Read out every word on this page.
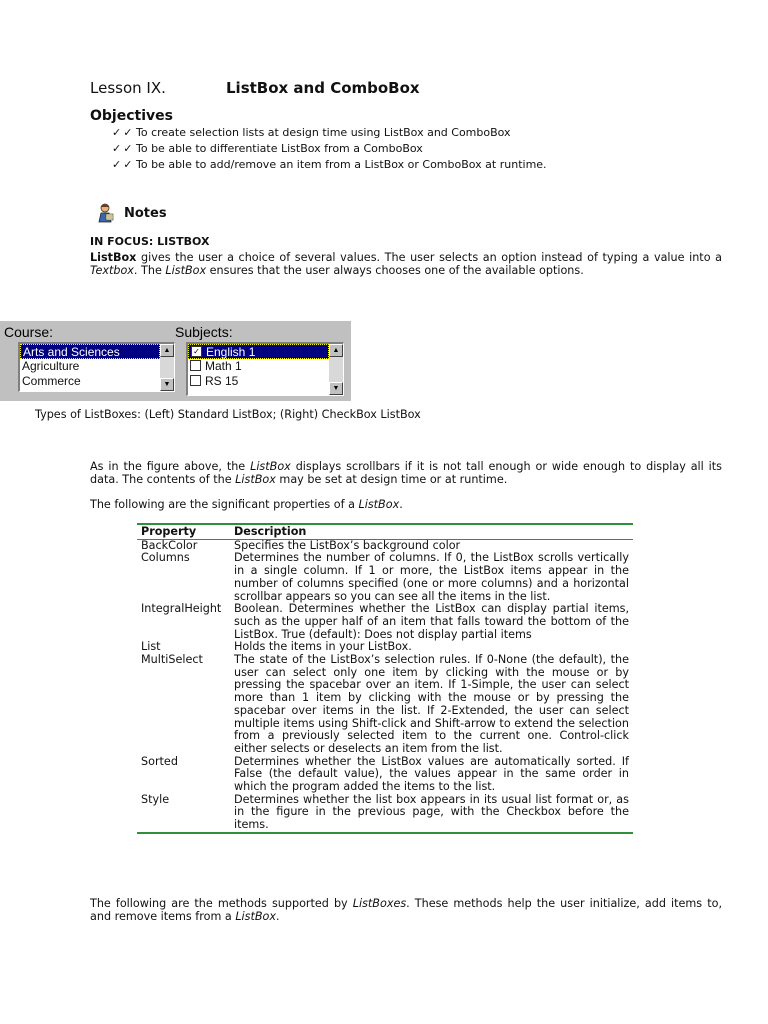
Lesson IX.	ListBox and ComboBox
Objectives
✓✓ To create selection lists at design time using ListBox and ComboBox
✓✓ To be able to differentiate ListBox from a ComboBox
✓✓ To be able to add/remove an item from a ListBox or ComboBox at runtime.
Notes
IN FOCUS: LISTBOX
ListBox gives the user a choice of several values. The user selects an option instead of typing a value into a Textbox. The ListBox ensures that the user always chooses one of the available options.
Course:	Subjects:
Arts and Sciences
Agriculture
Commerce
▲
▼
✓ English 1
Math 1
RS 15
▲
▼
Types of ListBoxes: (Left) Standard ListBox; (Right) CheckBox ListBox
As in the figure above, the ListBox displays scrollbars if it is not tall enough or wide enough to display all its data. The contents of the ListBox may be set at design time or at runtime.
The following are the significant properties of a ListBox.
Property	Description
BackColor	Specifies the ListBox’s background color
Columns	Determines the number of columns. If 0, the ListBox scrolls vertically in a single column. If 1 or more, the ListBox items appear in the number of columns specified (one or more columns) and a horizontal scrollbar appears so you can see all the items in the list.
IntegralHeight	Boolean. Determines whether the ListBox can display partial items, such as the upper half of an item that falls toward the bottom of the ListBox. True (default): Does not display partial items
List	Holds the items in your ListBox.
MultiSelect	The state of the ListBox’s selection rules. If 0-None (the default), the user can select only one item by clicking with the mouse or by pressing the spacebar over an item. If 1-Simple, the user can select more than 1 item by clicking with the mouse or by pressing the spacebar over items in the list. If 2-Extended, the user can select multiple items using Shift-click and Shift-arrow to extend the selection from a previously selected item to the current one. Control-click either selects or deselects an item from the list.
Sorted	Determines whether the ListBox values are automatically sorted. If False (the default value), the values appear in the same order in which the program added the items to the list.
Style	Determines whether the list box appears in its usual list format or, as in the figure in the previous page, with the Checkbox before the items.
The following are the methods supported by ListBoxes. These methods help the user initialize, add items to, and remove items from a ListBox.
